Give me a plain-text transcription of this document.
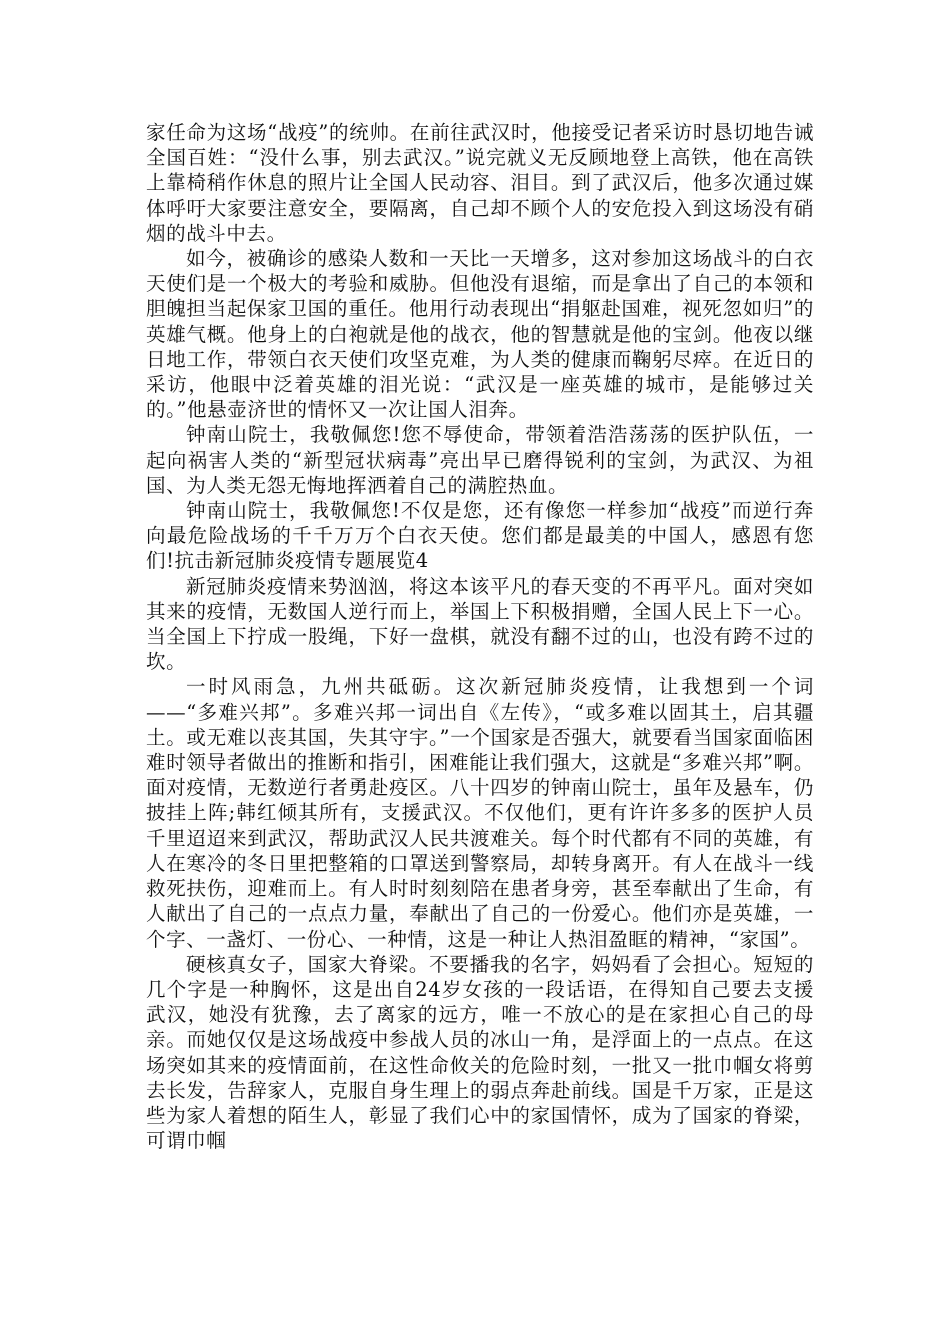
家任命为这场“战疫”的统帅。在前往武汉时，他接受记者采访时恳切地告诫全国百姓：“没什么事，别去武汉。”说完就义无反顾地登上高铁，他在高铁上靠椅稍作休息的照片让全国人民动容、泪目。到了武汉后，他多次通过媒体呼吁大家要注意安全，要隔离，自己却不顾个人的安危投入到这场没有硝烟的战斗中去。

如今，被确诊的感染人数和一天比一天增多，这对参加这场战斗的白衣天使们是一个极大的考验和威胁。但他没有退缩，而是拿出了自己的本领和胆魄担当起保家卫国的重任。他用行动表现出“捐躯赴国难，视死忽如归”的英雄气概。他身上的白袍就是他的战衣，他的智慧就是他的宝剑。他夜以继日地工作，带领白衣天使们攻坚克难，为人类的健康而鞠躬尽瘁。在近日的采访，他眼中泛着英雄的泪光说：“武汉是一座英雄的城市，是能够过关的。”他悬壶济世的情怀又一次让国人泪奔。

钟南山院士，我敬佩您!您不辱使命，带领着浩浩荡荡的医护队伍，一起向祸害人类的“新型冠状病毒”亮出早已磨得锐利的宝剑，为武汉、为祖国、为人类无怨无悔地挥洒着自己的满腔热血。

钟南山院士，我敬佩您!不仅是您，还有像您一样参加“战疫”而逆行奔向最危险战场的千千万万个白衣天使。您们都是最美的中国人，感恩有您们!抗击新冠肺炎疫情专题展览4

新冠肺炎疫情来势汹汹，将这本该平凡的春天变的不再平凡。面对突如其来的疫情，无数国人逆行而上，举国上下积极捐赠，全国人民上下一心。当全国上下拧成一股绳，下好一盘棋，就没有翻不过的山，也没有跨不过的坎。

一时风雨急，九州共砥砺。这次新冠肺炎疫情，让我想到一个词——“多难兴邦”。多难兴邦一词出自《左传》，“或多难以固其土，启其疆土。或无难以丧其国，失其守宇。”一个国家是否强大，就要看当国家面临困难时领导者做出的推断和指引，困难能让我们强大，这就是“多难兴邦”啊。面对疫情，无数逆行者勇赴疫区。八十四岁的钟南山院士，虽年及悬车，仍披挂上阵;韩红倾其所有，支援武汉。不仅他们，更有许许多多的医护人员千里迢迢来到武汉，帮助武汉人民共渡难关。每个时代都有不同的英雄，有人在寒冷的冬日里把整箱的口罩送到警察局，却转身离开。有人在战斗一线救死扶伤，迎难而上。有人时时刻刻陪在患者身旁，甚至奉献出了生命，有人献出了自己的一点点力量，奉献出了自己的一份爱心。他们亦是英雄，一个字、一盏灯、一份心、一种情，这是一种让人热泪盈眶的精神，“家国”。

硬核真女子，国家大脊梁。不要播我的名字，妈妈看了会担心。短短的几个字是一种胸怀，这是出自24岁女孩的一段话语，在得知自己要去支援武汉，她没有犹豫，去了离家的远方，唯一不放心的是在家担心自己的母亲。而她仅仅是这场战疫中参战人员的冰山一角，是浮面上的一点点。在这场突如其来的疫情面前，在这性命攸关的危险时刻，一批又一批巾帼女将剪去长发，告辞家人，克服自身生理上的弱点奔赴前线。国是千万家，正是这些为家人着想的陌生人，彰显了我们心中的家国情怀，成为了国家的脊梁，可谓巾帼
